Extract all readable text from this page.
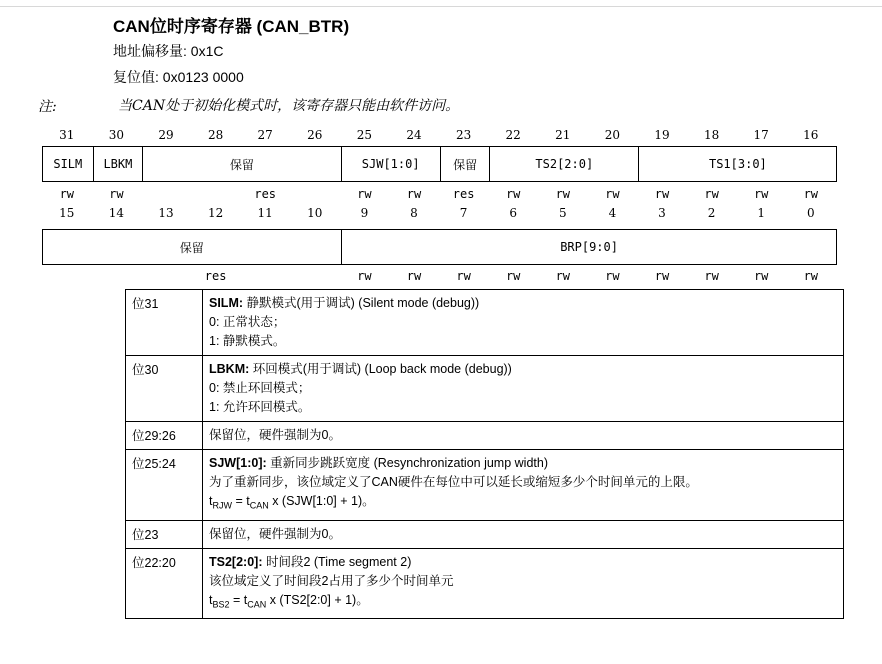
CAN位时序寄存器 (CAN_BTR)
地址偏移量: 0x1C
复位值: 0x0123 0000
注:	当CAN处于初始化模式时，该寄存器只能由软件访问。
31	30	29	28	27	26	25	24	23	22	21	20	19	18	17	16
SILM	LBKM	保留	SJW[1:0]	保留	TS2[2:0]	TS1[3:0]
rw	rw	res	rw	rw	res	rw	rw	rw	rw	rw	rw	rw
15	14	13	12	11	10	9	8	7	6	5	4	3	2	1	0
保留	BRP[9:0]
res	rw	rw	rw	rw	rw	rw	rw	rw	rw	rw
位31	SILM: 静默模式(用于调试) (Silent mode (debug))
0: 正常状态；
1: 静默模式。

位30	LBKM: 环回模式(用于调试) (Loop back mode (debug))
0: 禁止环回模式；
1: 允许环回模式。

位29:26	保留位，硬件强制为0。

位25:24	SJW[1:0]: 重新同步跳跃宽度 (Resynchronization jump width)
为了重新同步，该位域定义了CAN硬件在每位中可以延长或缩短多少个时间单元的上限。
$t_{RJW} = t_{CAN}$ x (SJW[1:0] + 1)。

位23	保留位，硬件强制为0。

位22:20	TS2[2:0]: 时间段2 (Time segment 2)
该位域定义了时间段2占用了多少个时间单元
$t_{BS2} = t_{CAN}$ x (TS2[2:0] + 1)。
